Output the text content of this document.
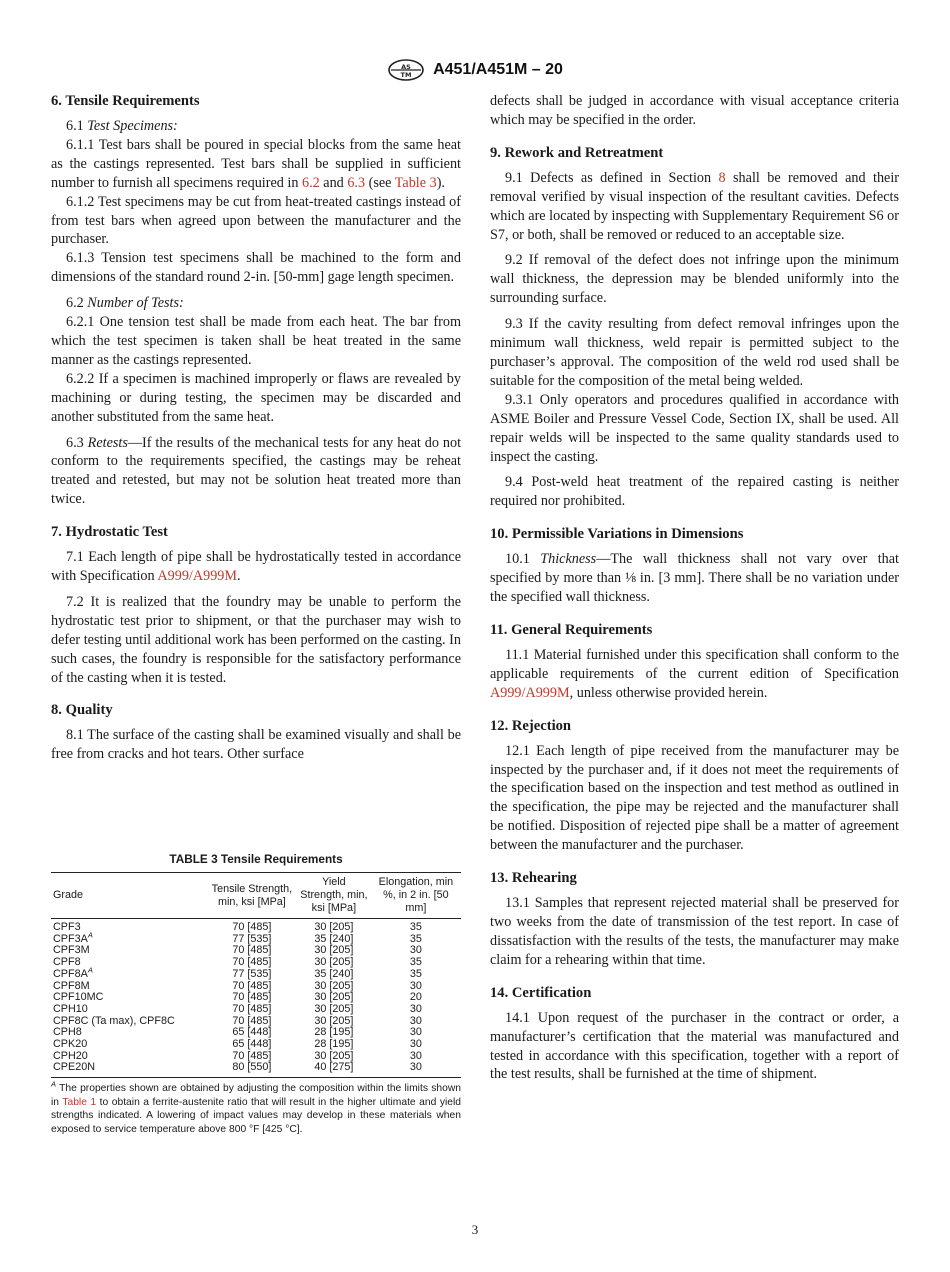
AS
TM A451/A451M – 20
6. Tensile Requirements

6.1 Test Specimens:

6.1.1 Test bars shall be poured in special blocks from the same heat as the castings represented. Test bars shall be supplied in sufficient number to furnish all specimens required in 6.2 and 6.3 (see Table 3).

6.1.2 Test specimens may be cut from heat-treated castings instead of from test bars when agreed upon between the manufacturer and the purchaser.

6.1.3 Tension test specimens shall be machined to the form and dimensions of the standard round 2-in. [50-mm] gage length specimen.

6.2 Number of Tests:

6.2.1 One tension test shall be made from each heat. The bar from which the test specimen is taken shall be heat treated in the same manner as the castings represented.

6.2.2 If a specimen is machined improperly or flaws are revealed by machining or during testing, the specimen may be discarded and another substituted from the same heat.

6.3 Retests—If the results of the mechanical tests for any heat do not conform to the requirements specified, the castings may be reheat treated and retested, but may not be solution heat treated more than twice.

7. Hydrostatic Test

7.1 Each length of pipe shall be hydrostatically tested in accordance with Specification A999/A999M.

7.2 It is realized that the foundry may be unable to perform the hydrostatic test prior to shipment, or that the purchaser may wish to defer testing until additional work has been performed on the casting. In such cases, the foundry is responsible for the satisfactory performance of the casting when it is tested.

8. Quality

8.1 The surface of the casting shall be examined visually and shall be free from cracks and hot tears. Other surface

TABLE 3 Tensile Requirements
Grade	Tensile Strength, min, ksi [MPa]	Yield Strength, min, ksi [MPa]	Elongation, min %, in 2 in. [50 mm]
CPF3	70 [485]	30 [205]	35
CPF3A$^A$	77 [535]	35 [240]	35
CPF3M	70 [485]	30 [205]	30
CPF8	70 [485]	30 [205]	35
CPF8A$^A$	77 [535]	35 [240]	35
CPF8M	70 [485]	30 [205]	30
CPF10MC	70 [485]	30 [205]	20
CPH10	70 [485]	30 [205]	30
CPF8C (Ta max), CPF8C	70 [485]	30 [205]	30
CPH8	65 [448]	28 [195]	30
CPK20	65 [448]	28 [195]	30
CPH20	70 [485]	30 [205]	30
CPE20N	80 [550]	40 [275]	30
$^A$ The properties shown are obtained by adjusting the composition within the limits shown in Table 1 to obtain a ferrite-austenite ratio that will result in the higher ultimate and yield strengths indicated. A lowering of impact values may develop in these materials when exposed to service temperature above 800 °F [425 °C].

defects shall be judged in accordance with visual acceptance criteria which may be specified in the order.

9. Rework and Retreatment

9.1 Defects as defined in Section 8 shall be removed and their removal verified by visual inspection of the resultant cavities. Defects which are located by inspecting with Supplementary Requirement S6 or S7, or both, shall be removed or reduced to an acceptable size.

9.2 If removal of the defect does not infringe upon the minimum wall thickness, the depression may be blended uniformly into the surrounding surface.

9.3 If the cavity resulting from defect removal infringes upon the minimum wall thickness, weld repair is permitted subject to the purchaser’s approval. The composition of the weld rod used shall be suitable for the composition of the metal being welded.

9.3.1 Only operators and procedures qualified in accordance with ASME Boiler and Pressure Vessel Code, Section IX, shall be used. All repair welds will be inspected to the same quality standards used to inspect the casting.

9.4 Post-weld heat treatment of the repaired casting is neither required nor prohibited.

10. Permissible Variations in Dimensions

10.1 Thickness—The wall thickness shall not vary over that specified by more than ⅛ in. [3 mm]. There shall be no variation under the specified wall thickness.

11. General Requirements

11.1 Material furnished under this specification shall conform to the applicable requirements of the current edition of Specification A999/A999M, unless otherwise provided herein.

12. Rejection

12.1 Each length of pipe received from the manufacturer may be inspected by the purchaser and, if it does not meet the requirements of the specification based on the inspection and test method as outlined in the specification, the pipe may be rejected and the manufacturer shall be notified. Disposition of rejected pipe shall be a matter of agreement between the manufacturer and the purchaser.

13. Rehearing

13.1 Samples that represent rejected material shall be preserved for two weeks from the date of transmission of the test report. In case of dissatisfaction with the results of the tests, the manufacturer may make claim for a rehearing within that time.

14. Certification

14.1 Upon request of the purchaser in the contract or order, a manufacturer’s certification that the material was manufactured and tested in accordance with this specification, together with a report of the test results, shall be furnished at the time of shipment.

3
